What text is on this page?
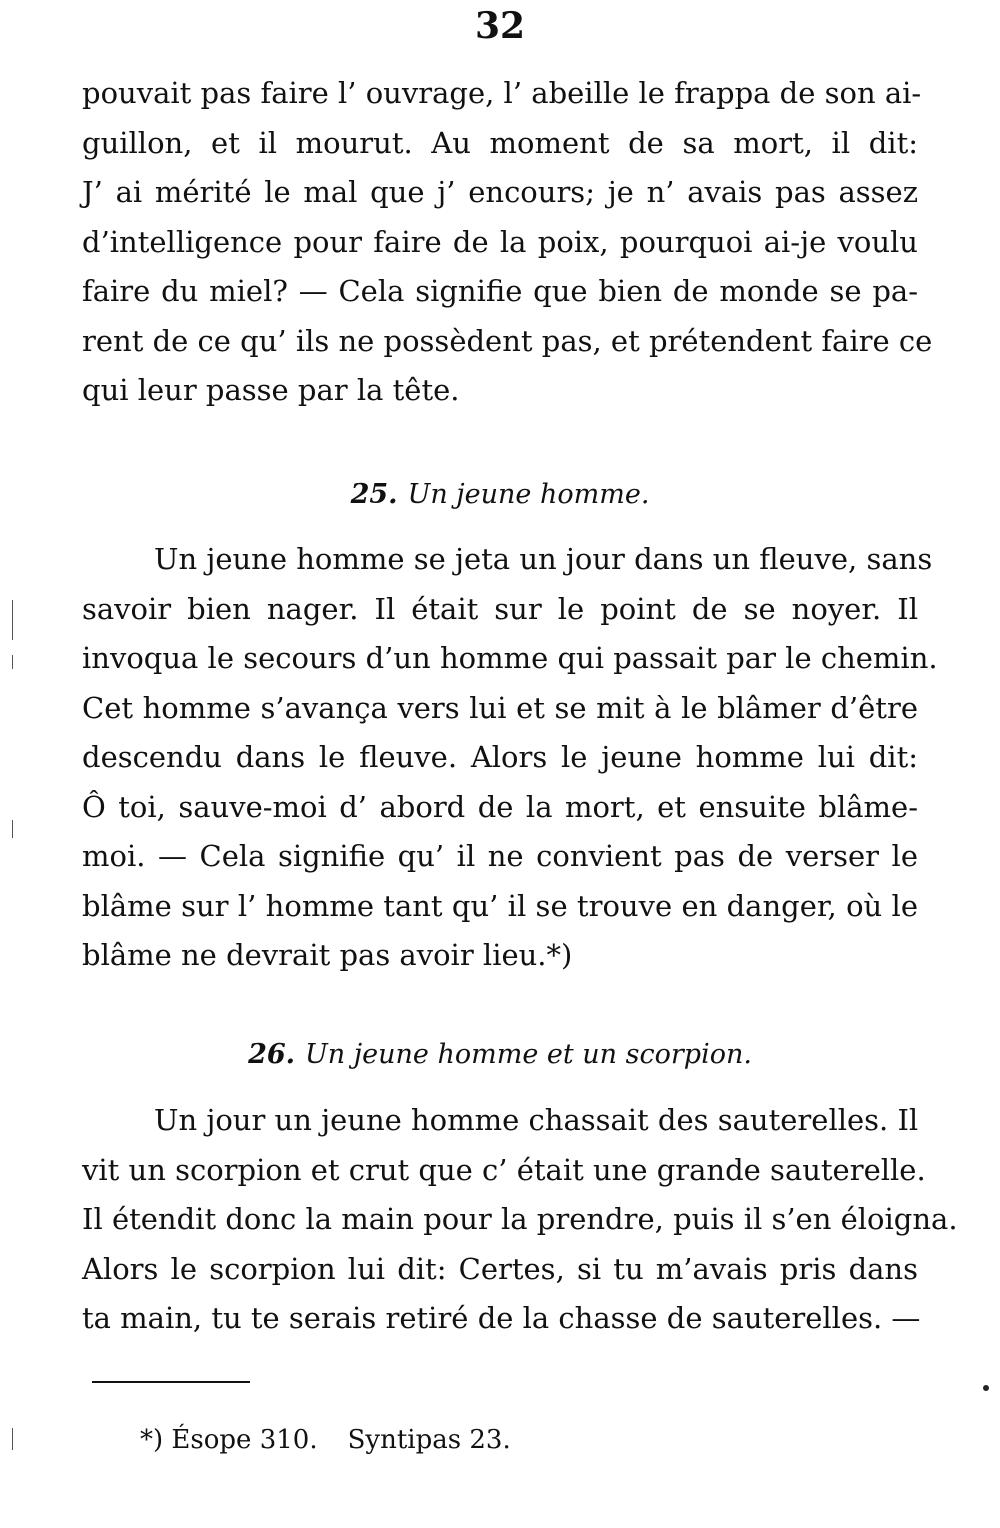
32
pouvait pas faire l’ ouvrage, l’ abeille le frappa de son ai-
guillon, et il mourut. Au moment de sa mort, il dit:
J’ ai mérité le mal que j’ encours; je n’ avais pas assez
d’intelligence pour faire de la poix, pourquoi ai-je voulu
faire du miel? — Cela signifie que bien de monde se pa-
rent de ce qu’ ils ne possèdent pas, et prétendent faire ce
qui leur passe par la tête.
25. Un jeune homme.
Un jeune homme se jeta un jour dans un fleuve, sans
savoir bien nager. Il était sur le point de se noyer. Il
invoqua le secours d’un homme qui passait par le chemin.
Cet homme s’avança vers lui et se mit à le blâmer d’être
descendu dans le fleuve. Alors le jeune homme lui dit:
Ô toi, sauve-moi d’ abord de la mort, et ensuite blâme-
moi. — Cela signifie qu’ il ne convient pas de verser le
blâme sur l’ homme tant qu’ il se trouve en danger, où le
blâme ne devrait pas avoir lieu.*)
26. Un jeune homme et un scorpion.
Un jour un jeune homme chassait des sauterelles. Il
vit un scorpion et crut que c’ était une grande sauterelle.
Il étendit donc la main pour la prendre, puis il s’en éloigna.
Alors le scorpion lui dit: Certes, si tu m’avais pris dans
ta main, tu te serais retiré de la chasse de sauterelles. —
*) Ésope 310. Syntipas 23.
